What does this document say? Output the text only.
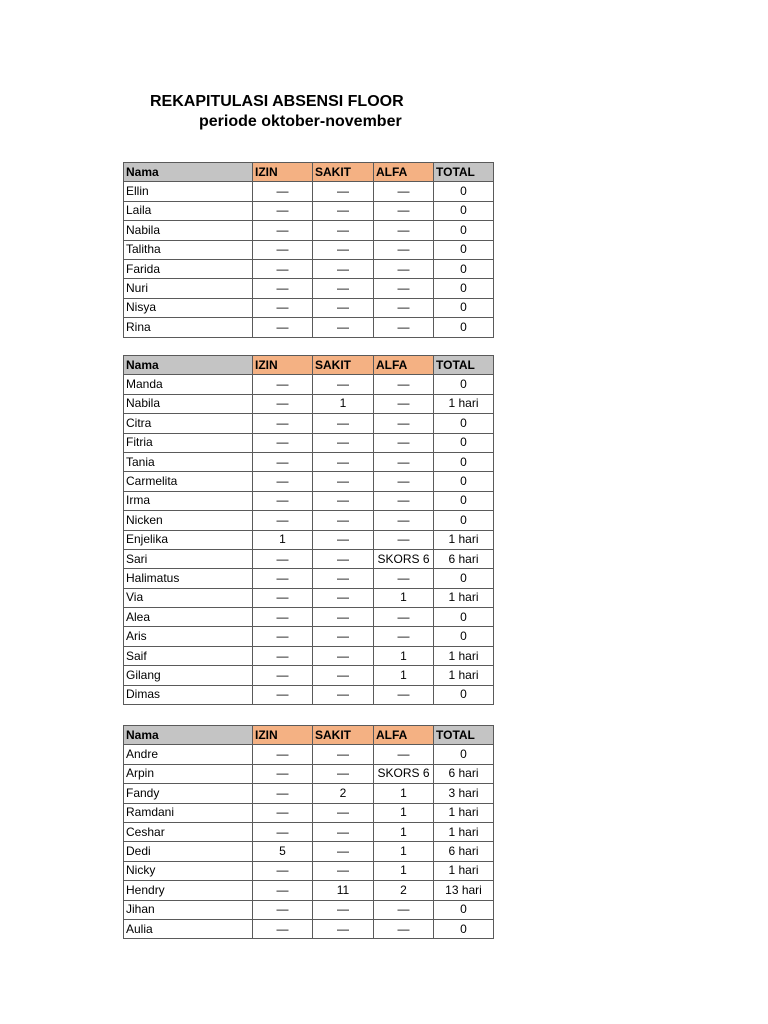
REKAPITULASI ABSENSI FLOOR
periode oktober-november
Nama	IZIN	SAKIT	ALFA	TOTAL
Ellin	—	—	—	0
Laila	—	—	—	0
Nabila	—	—	—	0
Talitha	—	—	—	0
Farida	—	—	—	0
Nuri	—	—	—	0
Nisya	—	—	—	0
Rina	—	—	—	0
Nama	IZIN	SAKIT	ALFA	TOTAL
Manda	—	—	—	0
Nabila	—	1	—	1 hari
Citra	—	—	—	0
Fitria	—	—	—	0
Tania	—	—	—	0
Carmelita	—	—	—	0
Irma	—	—	—	0
Nicken	—	—	—	0
Enjelika	1	—	—	1 hari
Sari	—	—	SKORS 6	6 hari
Halimatus	—	—	—	0
Via	—	—	1	1 hari
Alea	—	—	—	0
Aris	—	—	—	0
Saif	—	—	1	1 hari
Gilang	—	—	1	1 hari
Dimas	—	—	—	0
Nama	IZIN	SAKIT	ALFA	TOTAL
Andre	—	—	—	0
Arpin	—	—	SKORS 6	6 hari
Fandy	—	2	1	3 hari
Ramdani	—	—	1	1 hari
Ceshar	—	—	1	1 hari
Dedi	5	—	1	6 hari
Nicky	—	—	1	1 hari
Hendry	—	11	2	13 hari
Jihan	—	—	—	0
Aulia	—	—	—	0
